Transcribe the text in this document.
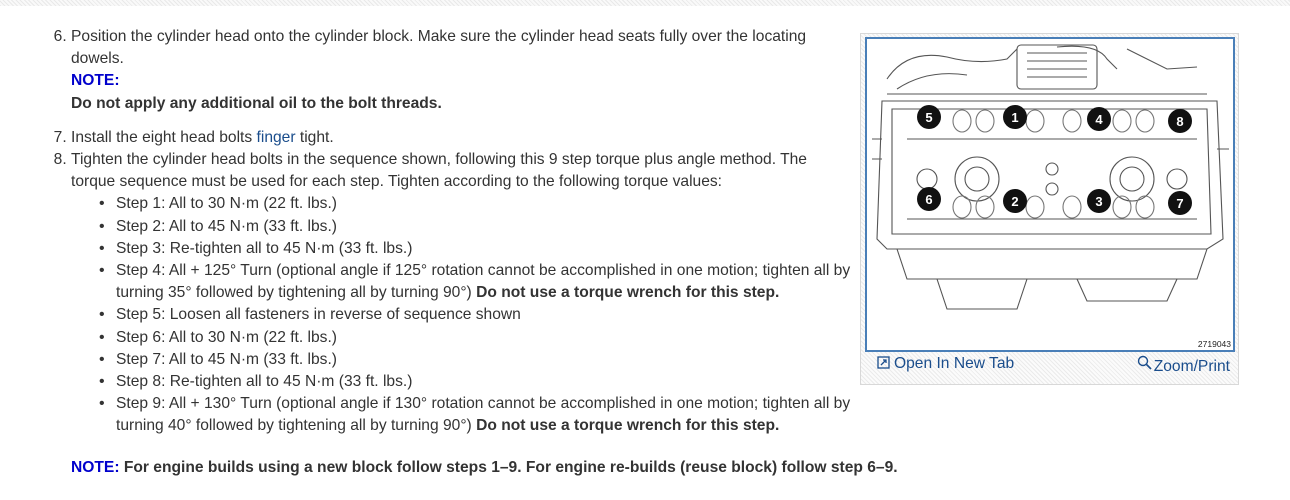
6. Position the cylinder head onto the cylinder block. Make sure the cylinder head seats fully over the locating dowels.
NOTE:
Do not apply any additional oil to the bolt threads.
7. Install the eight head bolts finger tight.
8. Tighten the cylinder head bolts in the sequence shown, following this 9 step torque plus angle method. The torque sequence must be used for each step. Tighten according to the following torque values:
• Step 1: All to 30 N·m (22 ft. lbs.)
• Step 2: All to 45 N·m (33 ft. lbs.)
• Step 3: Re-tighten all to 45 N·m (33 ft. lbs.)
• Step 4: All + 125° Turn (optional angle if 125° rotation cannot be accomplished in one motion; tighten all by turning 35° followed by tightening all by turning 90°) Do not use a torque wrench for this step.
• Step 5: Loosen all fasteners in reverse of sequence shown
• Step 6: All to 30 N·m (22 ft. lbs.)
• Step 7: All to 45 N·m (33 ft. lbs.)
• Step 8: Re-tighten all to 45 N·m (33 ft. lbs.)
• Step 9: All + 130° Turn (optional angle if 130° rotation cannot be accomplished in one motion; tighten all by turning 40° followed by tightening all by turning 90°) Do not use a torque wrench for this step.
NOTE: For engine builds using a new block follow steps 1–9. For engine re-builds (reuse block) follow step 6–9.
5	1	4	8
6	2	3	7
2719043
Open In New Tab	Zoom/Print
